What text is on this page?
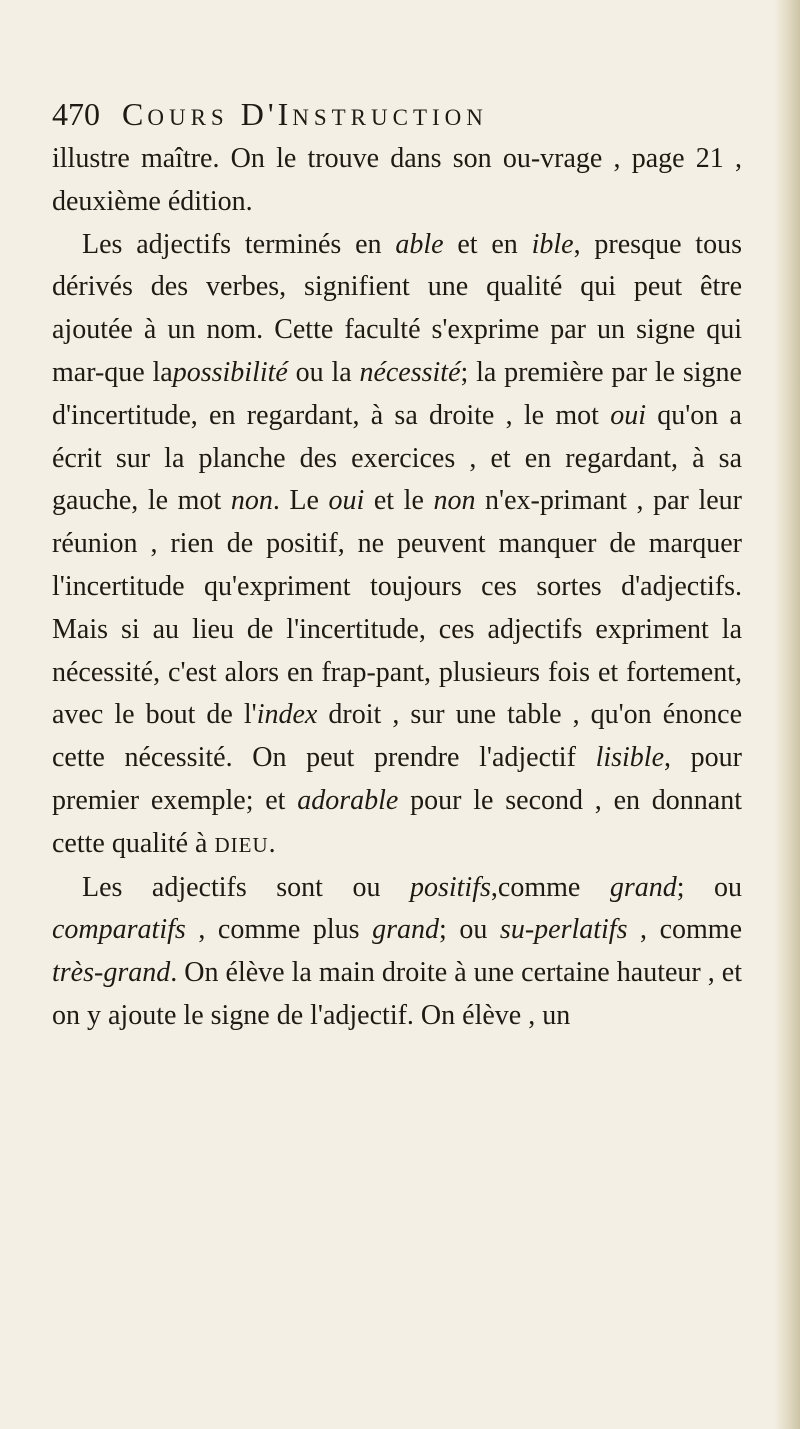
470 COURS D'INSTRUCTION

illustre maître. On le trouve dans son ou-vrage , page 21 , deuxième édition.

Les adjectifs terminés en able et en ible, presque tous dérivés des verbes, signifient une qualité qui peut être ajoutée à un nom. Cette faculté s'exprime par un signe qui mar-que lapossibilité ou la nécessité; la première par le signe d'incertitude, en regardant, à sa droite , le mot oui qu'on a écrit sur la planche des exercices , et en regardant, à sa gauche, le mot non. Le oui et le non n'ex-primant , par leur réunion , rien de positif, ne peuvent manquer de marquer l'incertitude qu'expriment toujours ces sortes d'adjectifs. Mais si au lieu de l'incertitude, ces adjectifs expriment la nécessité, c'est alors en frap-pant, plusieurs fois et fortement, avec le bout de l'index droit , sur une table , qu'on énonce cette nécessité. On peut prendre l'adjectif lisible, pour premier exemple; et adorable pour le second , en donnant cette qualité à DIEU.

Les adjectifs sont ou positifs,comme grand; ou comparatifs , comme plus grand; ou su-perlatifs , comme très-grand. On élève la main droite à une certaine hauteur , et on y ajoute le signe de l'adjectif. On élève , un
